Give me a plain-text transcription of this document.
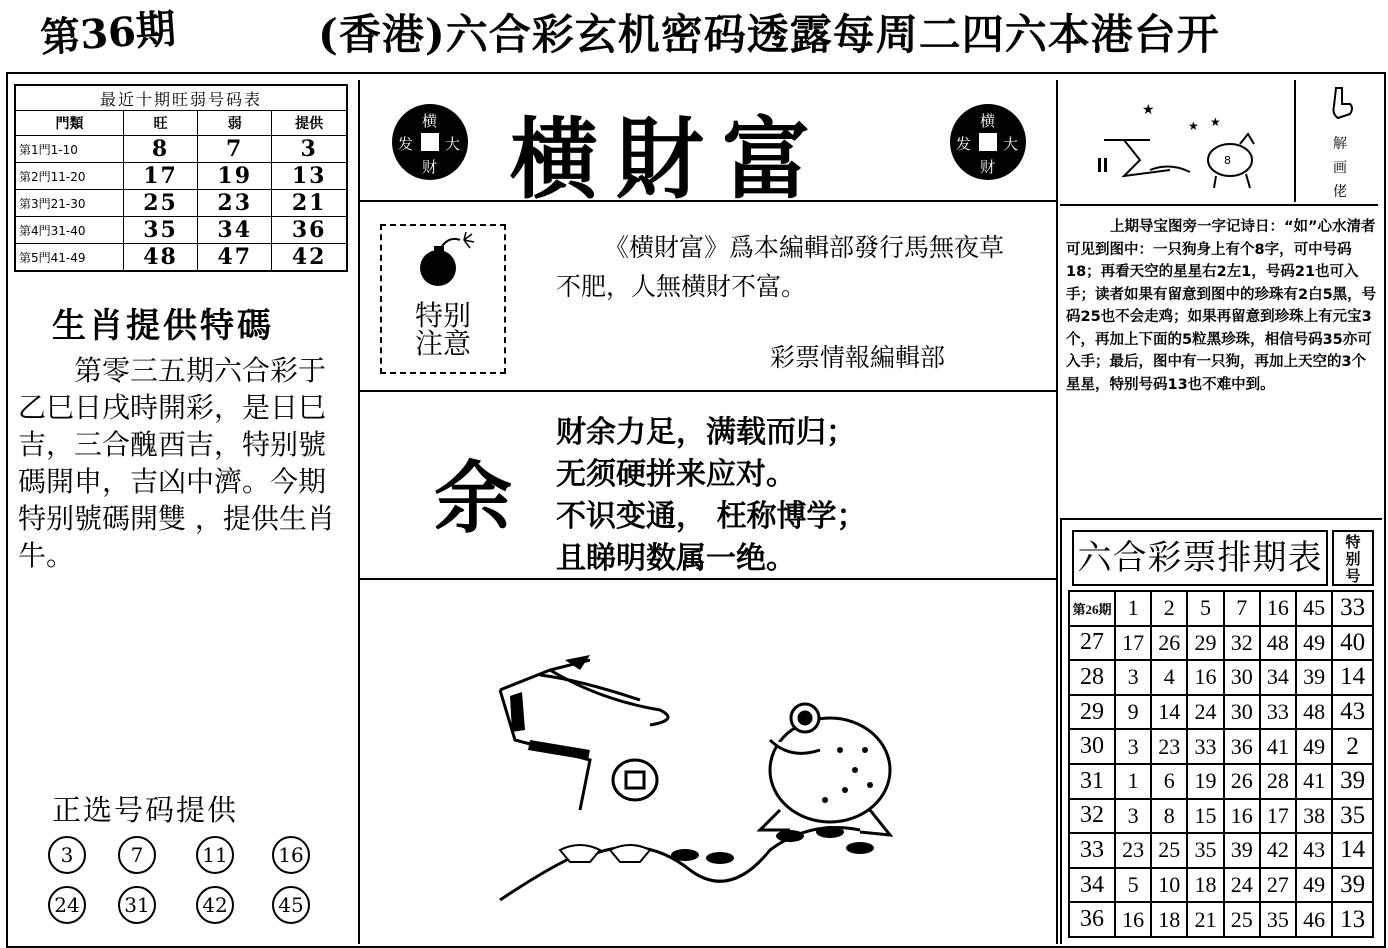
第36期	(香港)六合彩玄机密码透露每周二四六本港台开
最近十期旺弱号码表			
門類	旺	弱	提供
第1門1-10	8	7	3
第2門11-20	17	19	13
第3門21-30	25	23	21
第4門31-40	35	34	36
第5門41-49	48	47	42
生肖提供特碼
第零三五期六合彩于乙巳日戌時開彩，是日巳吉，三合醜酉吉，特别號碼開申，吉凶中濟。今期特别號碼開雙 ，提供生肖牛。
正选号码提供
3	7	11	16
24	31	42	45
横
发 大
财 横財富	横
发 大
财
特别
注意
《横財富》爲本編輯部發行馬無夜草不肥，人無横財不富。
彩票情報編輯部
余
财余力足，满载而归；
无须硬拼来应对。
不识变通， 枉称博学；
且睇明数属一绝。
★
★ ★
8
解
画
佬
上期导宝图旁一字记诗日：“如”心水清者可见到图中：一只狗身上有个8字，可中号码18；再看天空的星星右2左1，号码21也可入手；读者如果有留意到图中的珍珠有2白5黑，号码25也不会走鸡；如果再留意到珍珠上有元宝3个，再加上下面的5粒黑珍珠，相信号码35亦可入手；最后，图中有一只狗，再加上天空的3个星星，特别号码13也不难中到。
六合彩票排期表	特
别
号
第26期	1	2	5	7	16	45	33
27	17	26	29	32	48	49	40
28	3	4	16	30	34	39	14
29	9	14	24	30	33	48	43
30	3	23	33	36	41	49	2
31	1	6	19	26	28	41	39
32	3	8	15	16	17	38	35
33	23	25	35	39	42	43	14
34	5	10	18	24	27	49	39
36	16	18	21	25	35	46	13
